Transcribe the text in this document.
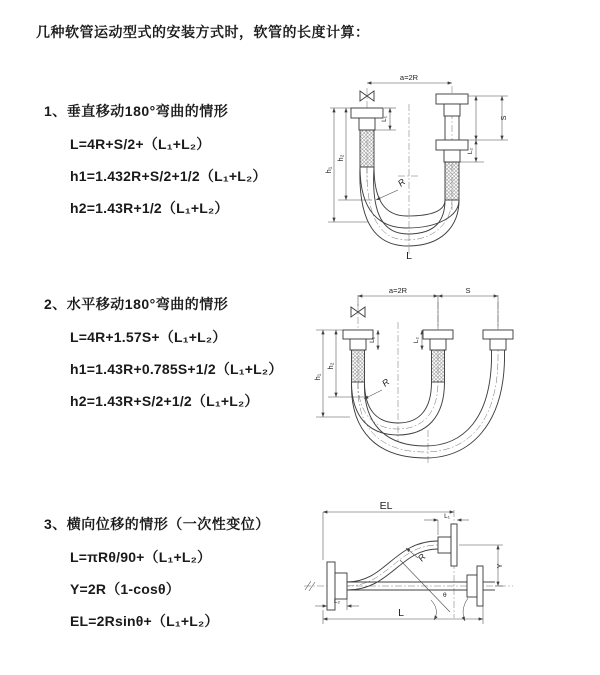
几种软管运动型式的安装方式时，软管的长度计算：
1、垂直移动180°弯曲的情形
L=4R+S/2+（L₁+L₂）
h1=1.432R+S/2+1/2（L₁+L₂）
h2=1.43R+1/2（L₁+L₂）
2、水平移动180°弯曲的情形
L=4R+1.57S+（L₁+L₂）
h1=1.43R+0.785S+1/2（L₁+L₂）
h2=1.43R+S/2+1/2（L₁+L₂）
3、横向位移的情形（一次性变位）
L=πRθ/90+（L₁+L₂）
Y=2R（1-cosθ）
EL=2Rsinθ+（L₁+L₂）
a=2R
h₁
h₂
L₁	S
L₂
R
L
a=2R	S
h₁
h₂
L₁	L₂
R
EL
L₁
Y
L
L₂
R
θ
